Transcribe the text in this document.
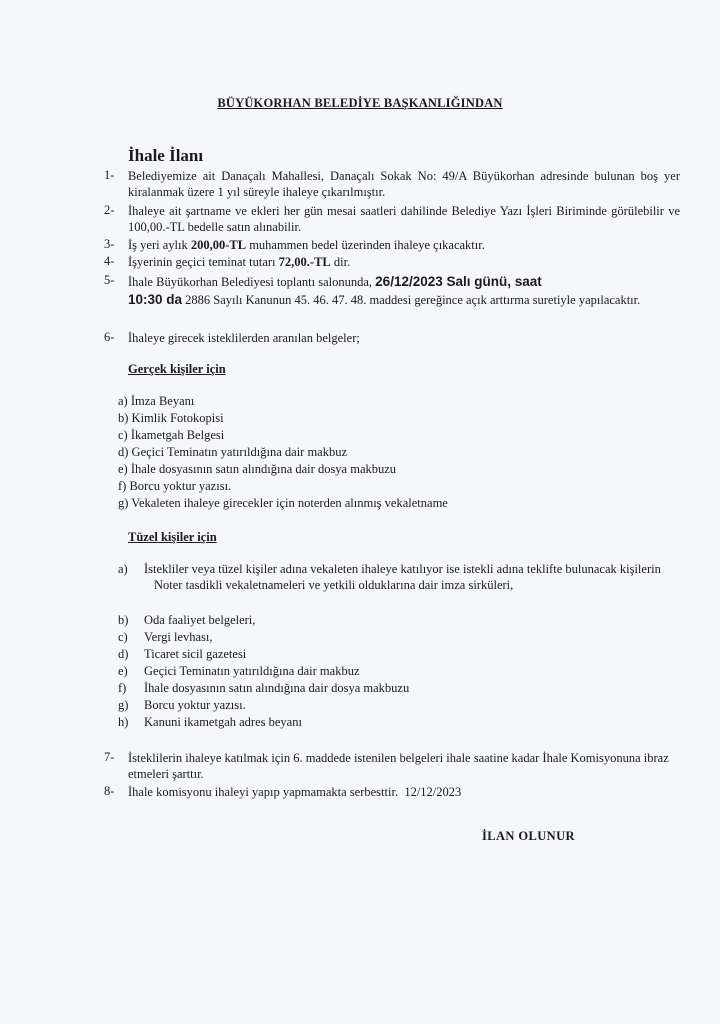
BÜYÜKORHAN BELEDİYE BAŞKANLIĞINDAN
İhale İlanı
1- Belediyemize ait Danaçalı Mahallesi, Danaçalı Sokak No: 49/A Büyükorhan adresinde bulunan boş yer kiralanmak üzere 1 yıl süreyle ihaleye çıkarılmıştır.
2- İhaleye ait şartname ve ekleri her gün mesai saatleri dahilinde Belediye Yazı İşleri Biriminde görülebilir ve 100,00.-TL bedelle satın alınabilir.
3- İş yeri aylık 200,00-TL muhammen bedel üzerinden ihaleye çıkacaktır.
4- İşyerinin geçici teminat tutarı 72,00.-TL dir.
5- İhale Büyükorhan Belediyesi toplantı salonunda, 26/12/2023 Salı günü, saat
10:30 da 2886 Sayılı Kanunun 45. 46. 47. 48. maddesi gereğince açık arttırma suretiyle yapılacaktır.
6- İhaleye girecek isteklilerden aranılan belgeler;
Gerçek kişiler için
a) İmza Beyanı
b) Kimlik Fotokopisi
c) İkametgah Belgesi
d) Geçici Teminatın yatırıldığına dair makbuz
e) İhale dosyasının satın alındığına dair dosya makbuzu
f) Borcu yoktur yazısı.
g) Vekaleten ihaleye girecekler için noterden alınmış vekaletname
Tüzel kişiler için
a) İstekliler veya tüzel kişiler adına vekaleten ihaleye katılıyor ise istekli adına teklifte bulunacak kişilerin Noter tasdikli vekaletnameleri ve yetkili olduklarına dair imza sirküleri,
b) Oda faaliyet belgeleri,
c) Vergi levhası,
d) Ticaret sicil gazetesi
e) Geçici Teminatın yatırıldığına dair makbuz
f) İhale dosyasının satın alındığına dair dosya makbuzu
g) Borcu yoktur yazısı.
h) Kanuni ikametgah adres beyanı
7- İsteklilerin ihaleye katılmak için 6. maddede istenilen belgeleri ihale saatine kadar İhale Komisyonuna ibraz etmeleri şarttır.
8- İhale komisyonu ihaleyi yapıp yapmamakta serbesttir.  12/12/2023
İLAN OLUNUR
